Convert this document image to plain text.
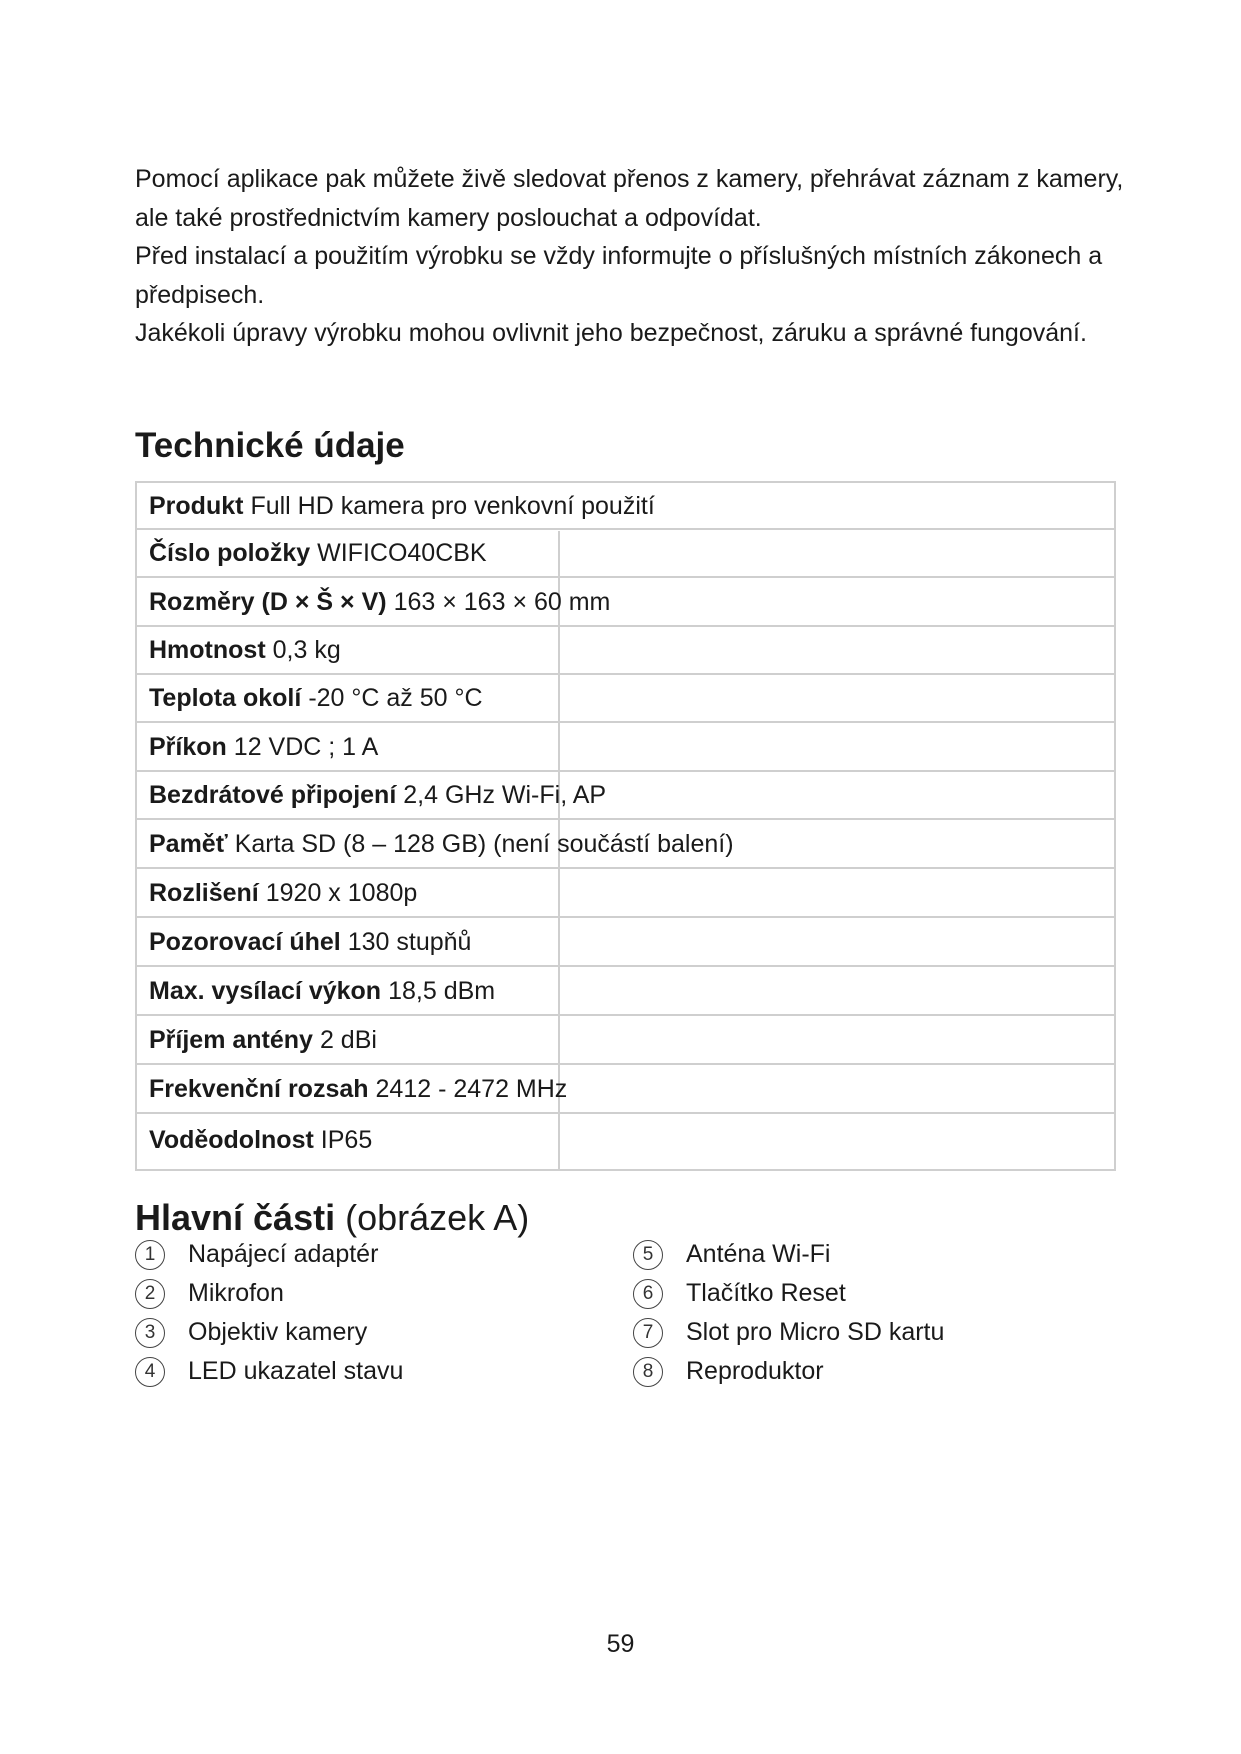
Pomocí aplikace pak můžete živě sledovat přenos z kamery, přehrávat záznam z kamery, ale také prostřednictvím kamery poslouchat a odpovídat.

Před instalací a použitím výrobku se vždy informujte o příslušných místních zákonech a předpisech.

Jakékoli úpravy výrobku mohou ovlivnit jeho bezpečnost, záruku a správné fungování.

Technické údaje
Produkt Full HD kamera pro venkovní použití
Číslo položky WIFICO40CBK
Rozměry (D × Š × V) 163 × 163 × 60 mm
Hmotnost 0,3 kg
Teplota okolí -20 °C až 50 °C
Příkon 12 VDC ; 1 A
Bezdrátové připojení 2,4 GHz Wi-Fi, AP
Paměť Karta SD (8 – 128 GB) (není součástí balení)
Rozlišení 1920 x 1080p
Pozorovací úhel 130 stupňů
Max. vysílací výkon 18,5 dBm
Příjem antény 2 dBi
Frekvenční rozsah 2412 - 2472 MHz
Voděodolnost IP65
Hlavní části (obrázek A)
1	Napájecí adaptér
2	Mikrofon
3	Objektiv kamery
4	LED ukazatel stavu
5	Anténa Wi-Fi
6	Tlačítko Reset
7	Slot pro Micro SD kartu
8	Reproduktor
59
